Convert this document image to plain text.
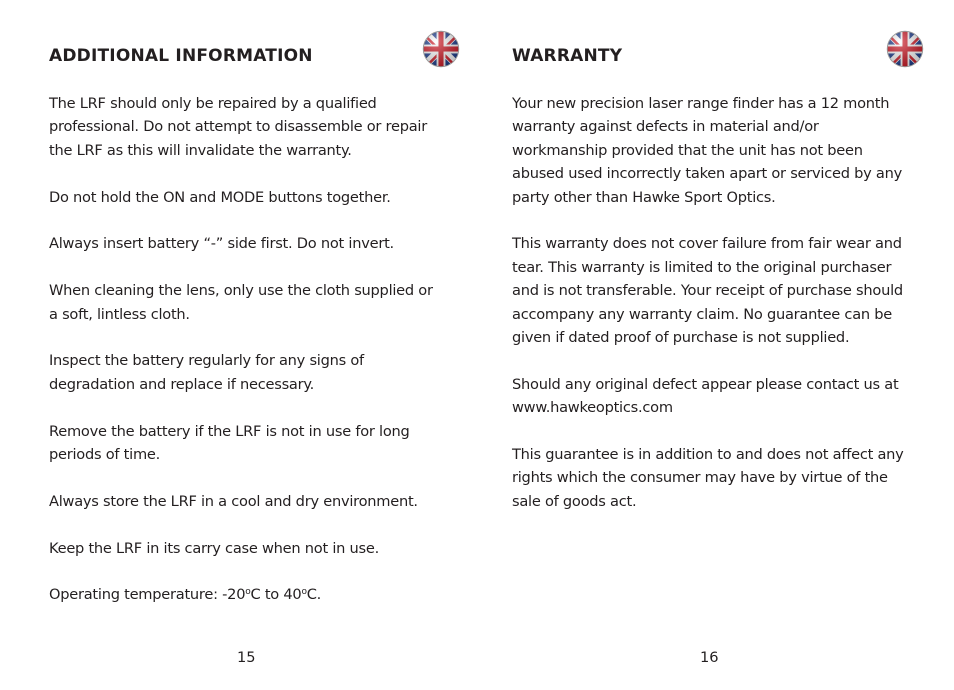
ADDITIONAL INFORMATION

The LRF should only be repaired by a qualified professional. Do not attempt to disassemble or repair the LRF as this will invalidate the warranty.

Do not hold the ON and MODE buttons together.

Always insert battery “-” side first. Do not invert.

When cleaning the lens, only use the cloth supplied or a soft, lintless cloth.

Inspect the battery regularly for any signs of degradation and replace if necessary.

Remove the battery if the LRF is not in use for long periods of time.

Always store the LRF in a cool and dry environment.

Keep the LRF in its carry case when not in use.

Operating temperature: -20$^o$C to 40$^o$C.

15
WARRANTY

Your new precision laser range finder has a 12 month warranty against defects in material and/or workmanship provided that the unit has not been abused used incorrectly taken apart or serviced by any party other than Hawke Sport Optics.

This warranty does not cover failure from fair wear and tear. This warranty is limited to the original purchaser and is not transferable. Your receipt of purchase should accompany any warranty claim. No guarantee can be given if dated proof of purchase is not supplied.

Should any original defect appear please contact us at www.hawkeoptics.com

This guarantee is in addition to and does not affect any rights which the consumer may have by virtue of the sale of goods act.

16
